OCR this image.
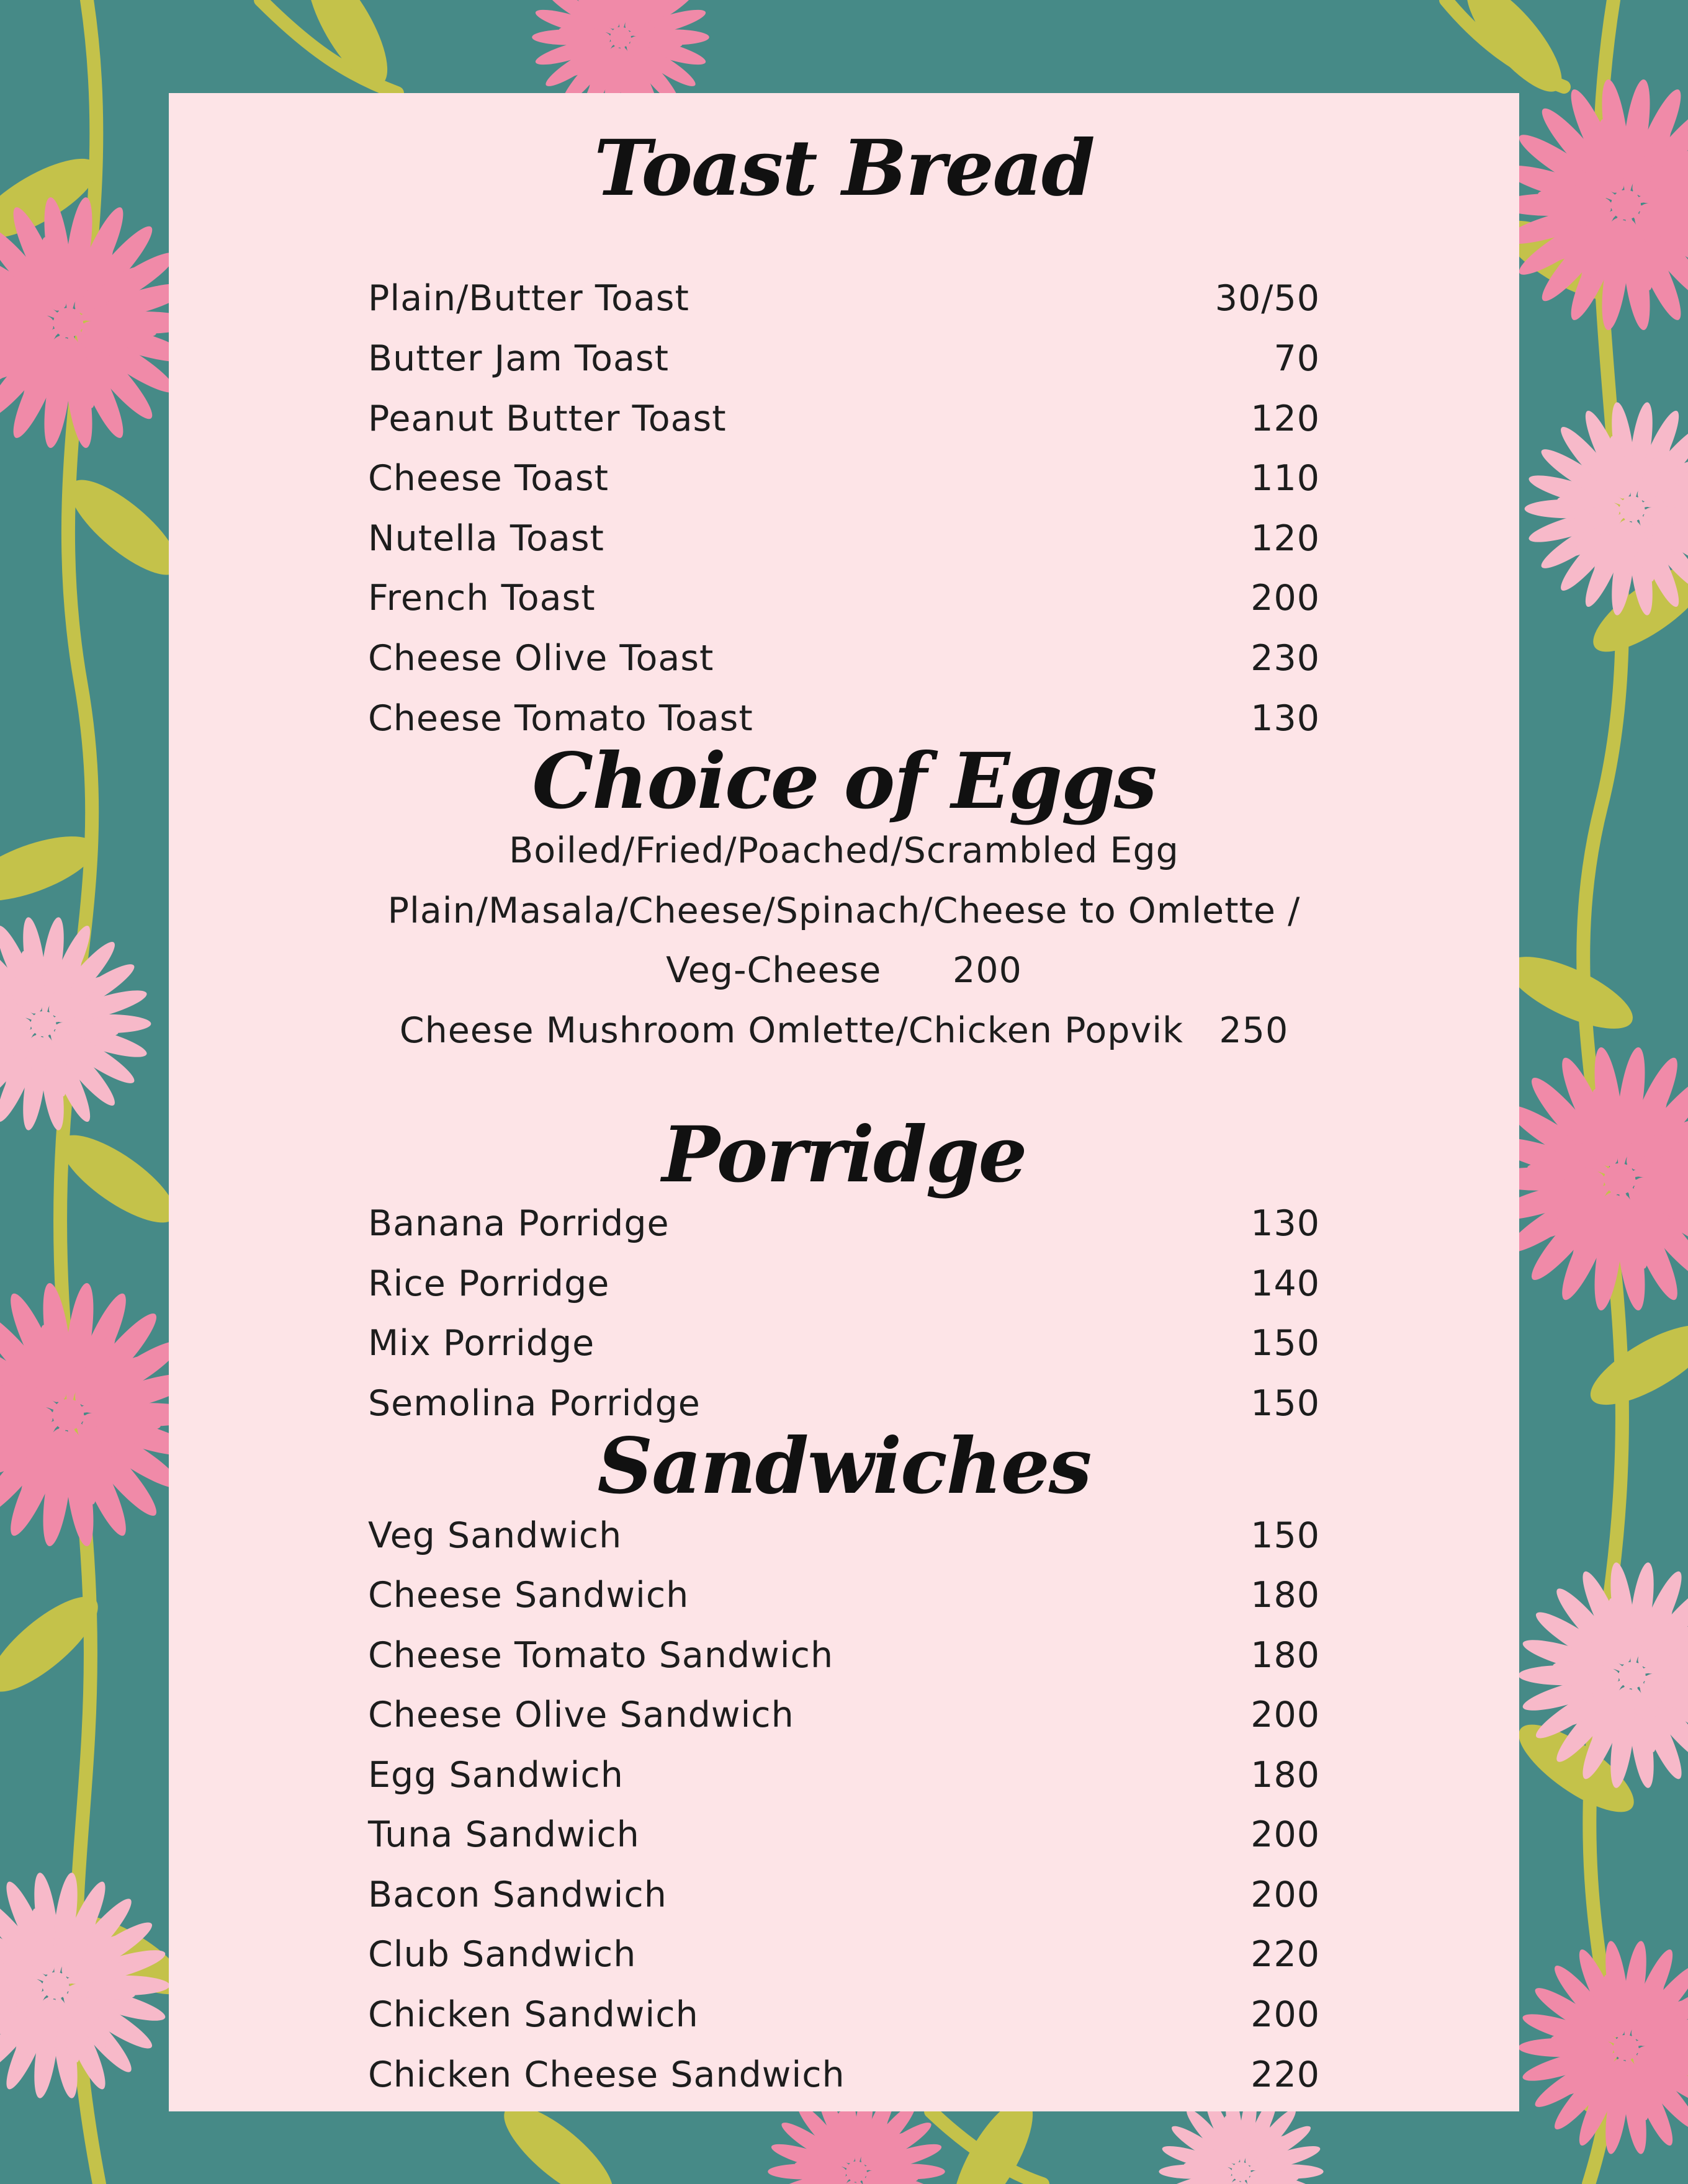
Toast Bread
Plain/Butter Toast	30/50
Butter Jam Toast	70
Peanut Butter Toast	120
Cheese Toast	110
Nutella Toast	120
French Toast	200
Cheese Olive Toast	230
Cheese Tomato Toast	130
Choice of Eggs
Boiled/Fried/Poached/Scrambled Egg
Plain/Masala/Cheese/Spinach/Cheese to Omlette /
Veg-Cheese      200
Cheese Mushroom Omlette/Chicken Popvik   250
Porridge
Banana Porridge	130
Rice Porridge	140
Mix Porridge	150
Semolina Porridge	150
Sandwiches
Veg Sandwich	150
Cheese Sandwich	180
Cheese Tomato Sandwich	180
Cheese Olive Sandwich	200
Egg Sandwich	180
Tuna Sandwich	200
Bacon Sandwich	200
Club Sandwich	220
Chicken Sandwich	200
Chicken Cheese Sandwich	220
